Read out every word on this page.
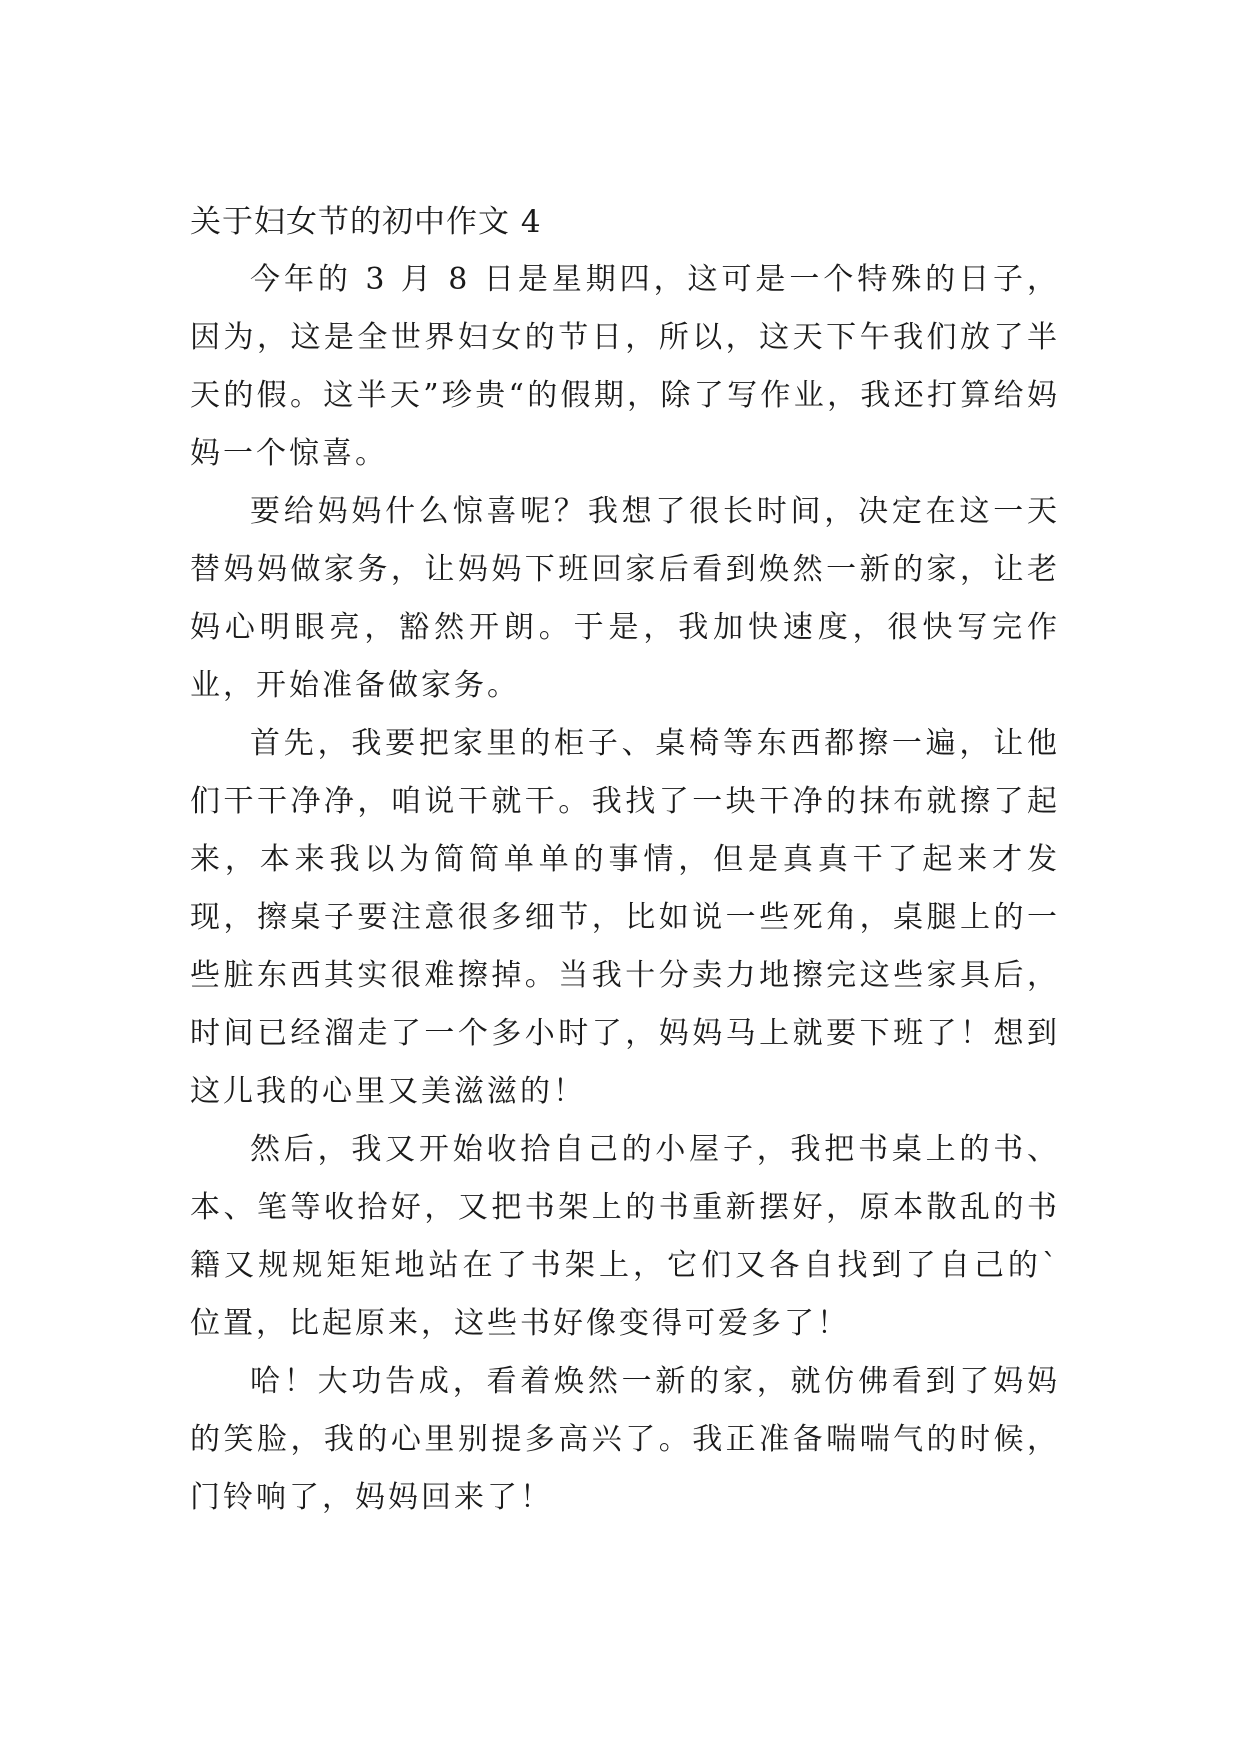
关于妇女节的初中作文 4

今年的 3 月 8 日是星期四，这可是一个特殊的日子，因为，这是全世界妇女的节日，所以，这天下午我们放了半天的假。这半天”珍贵“的假期，除了写作业，我还打算给妈妈一个惊喜。

要给妈妈什么惊喜呢？我想了很长时间，决定在这一天替妈妈做家务，让妈妈下班回家后看到焕然一新的家，让老妈心明眼亮，豁然开朗。于是，我加快速度，很快写完作业，开始准备做家务。

首先，我要把家里的柜子、桌椅等东西都擦一遍，让他们干干净净，咱说干就干。我找了一块干净的抹布就擦了起来，本来我以为简简单单的事情，但是真真干了起来才发现，擦桌子要注意很多细节，比如说一些死角，桌腿上的一些脏东西其实很难擦掉。当我十分卖力地擦完这些家具后，时间已经溜走了一个多小时了，妈妈马上就要下班了！想到这儿我的心里又美滋滋的！

然后，我又开始收拾自己的小屋子，我把书桌上的书、本、笔等收拾好，又把书架上的书重新摆好，原本散乱的书籍又规规矩矩地站在了书架上，它们又各自找到了自己的`位置，比起原来，这些书好像变得可爱多了！

哈！大功告成，看着焕然一新的家，就仿佛看到了妈妈的笑脸，我的心里别提多高兴了。我正准备喘喘气的时候，门铃响了，妈妈回来了！
